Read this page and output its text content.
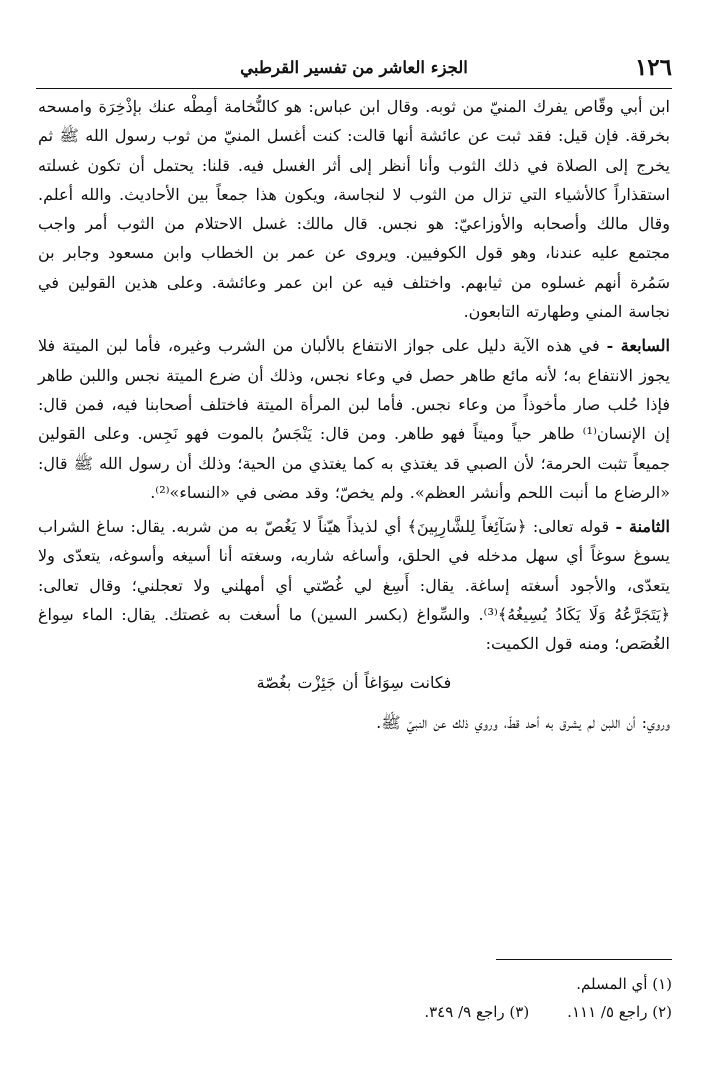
١٢٦
الجزء العاشر من تفسير القرطبي

ابن أبي وقّاص يفرك المنيّ من ثوبه. وقال ابن عباس: هو كالنُّخامة أمِطْه عنك بإذْخِرَة وامسحه بخرقة. فإن قيل: فقد ثبت عن عائشة أنها قالت: كنت أغسل المنيّ من ثوب رسول الله ﷺ ثم يخرج إلى الصلاة في ذلك الثوب وأنا أنظر إلى أثر الغسل فيه. قلنا: يحتمل أن تكون غسلته استقذاراً كالأشياء التي تزال من الثوب لا لنجاسة، ويكون هذا جمعاً بين الأحاديث. والله أعلم. وقال مالك وأصحابه والأوزاعيّ: هو نجس. قال مالك: غسل الاحتلام من الثوب أمر واجب مجتمع عليه عندنا، وهو قول الكوفيين. ويروى عن عمر بن الخطاب وابن مسعود وجابر بن سَمُرة أنهم غسلوه من ثيابهم. واختلف فيه عن ابن عمر وعائشة. وعلى هذين القولين في نجاسة المني وطهارته التابعون.

السابعة - في هذه الآية دليل على جواز الانتفاع بالألبان من الشرب وغيره، فأما لبن الميتة فلا يجوز الانتفاع به؛ لأنه مائع طاهر حصل في وعاء نجس، وذلك أن ضرع الميتة نجس واللبن طاهر فإذا حُلب صار مأخوذاً من وعاء نجس. فأما لبن المرأة الميتة فاختلف أصحابنا فيه، فمن قال: إن الإنسان⁽¹⁾ طاهر حياً وميتاً فهو طاهر. ومن قال: يَنْجَسُ بالموت فهو نَجِس. وعلى القولين جميعاً تثبت الحرمة؛ لأن الصبي قد يغتذي به كما يغتذي من الحية؛ وذلك أن رسول الله ﷺ قال: «الرضاع ما أنبت اللحم وأنشر العظم». ولم يخصّ؛ وقد مضى في «النساء»⁽²⁾.

الثامنة - قوله تعالى: ﴿سَآئِغاً لِلشَّارِبِينَ﴾ أي لذيذاً هيّناً لا يَغُصّ به من شربه. يقال: ساغ الشراب يسوغ سوغاً أي سهل مدخله في الحلق، وأساغه شاربه، وسغته أنا أسيغه وأسوغه، يتعدّى ولا يتعدّى، والأجود أسغته إساغة. يقال: أَسِغ لي غُصّتي أي أمهلني ولا تعجلني؛ وقال تعالى: ﴿يَتَجَرَّعُهُ وَلَا يَكَادُ يُسِيغُهُ﴾⁽³⁾. والسِّواغ (بكسر السين) ما أسغت به غصتك. يقال: الماء سِواغ الغُصَص؛ ومنه قول الكميت:

فكانت سِوَاغاً أن جَئِزْت بغُصّة

وروي: أن اللبن لم يشرق به أحد قطّ، وروي ذلك عن النبيّ ﷺ.

(١) أي المسلم.
(٢) راجع ٥/ ١١١.
(٣) راجع ٩/ ٣٤٩.
